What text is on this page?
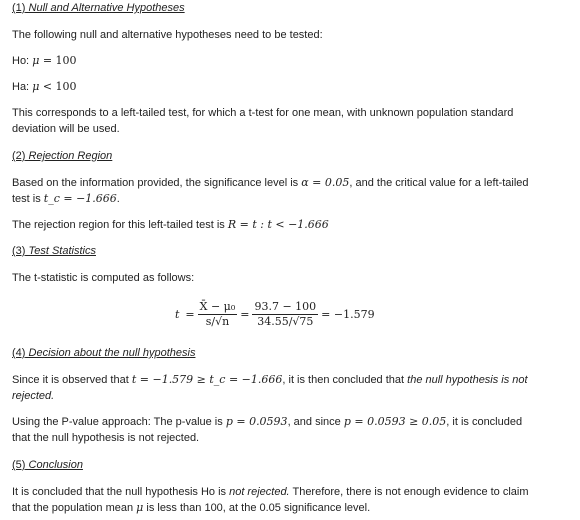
(1) Null and Alternative Hypotheses
The following null and alternative hypotheses need to be tested:
Ho: μ = 100
Ha: μ < 100
This corresponds to a left-tailed test, for which a t-test for one mean, with unknown population standard deviation will be used.
(2) Rejection Region
Based on the information provided, the significance level is α = 0.05, and the critical value for a left-tailed test is t_c = −1.666.
The rejection region for this left-tailed test is R = t : t < −1.666
(3) Test Statistics
The t-statistic is computed as follows:
$t = \frac{\text{X̄ − μ₀}}{s/√n} = \frac{93.7 - 100}{34.55/√75} = -1.579$
(4) Decision about the null hypothesis
Since it is observed that t = −1.579 ≥ t_c = −1.666, it is then concluded that the null hypothesis is not rejected.
Using the P-value approach: The p-value is p = 0.0593, and since p = 0.0593 ≥ 0.05, it is concluded that the null hypothesis is not rejected.
(5) Conclusion
It is concluded that the null hypothesis Ho is not rejected. Therefore, there is not enough evidence to claim that the population mean μ is less than 100, at the 0.05 significance level.
